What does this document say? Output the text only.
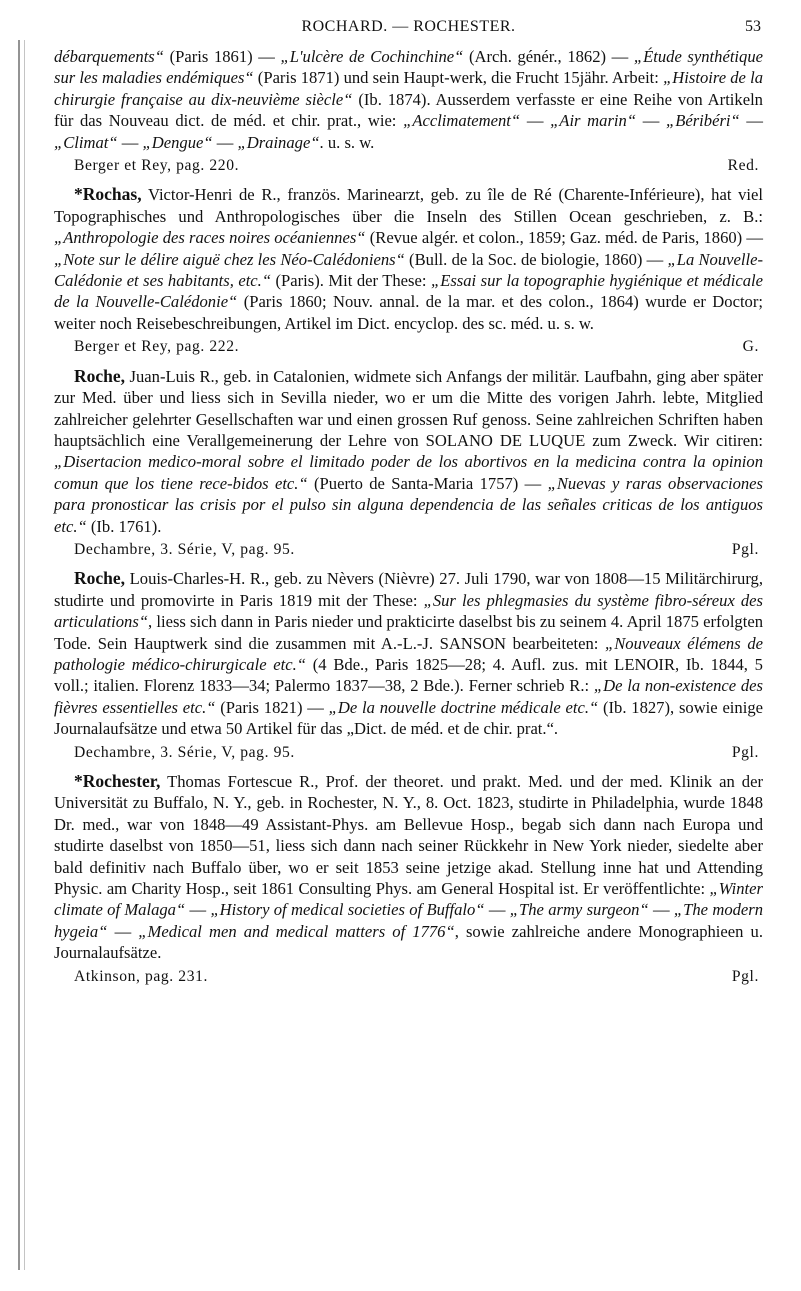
ROCHARD. — ROCHESTER.	53

débarquements“ (Paris 1861) — „L'ulcère de Cochinchine“ (Arch. génér., 1862) — „Étude synthétique sur les maladies endémiques“ (Paris 1871) und sein Haupt-werk, die Frucht 15jähr. Arbeit: „Histoire de la chirurgie française au dix-neuvième siècle“ (Ib. 1874). Ausserdem verfasste er eine Reihe von Artikeln für das Nouveau dict. de méd. et chir. prat., wie: „Acclimatement“ — „Air marin“ — „Béribéri“ — „Climat“ — „Dengue“ — „Drainage“. u. s. w.

Berger et Rey, pag. 220.	Red.

*Rochas, Victor-Henri de R., französ. Marinearzt, geb. zu île de Ré (Charente-Inférieure), hat viel Topographisches und Anthropologisches über die Inseln des Stillen Ocean geschrieben, z. B.: „Anthropologie des races noires océaniennes“ (Revue algér. et colon., 1859; Gaz. méd. de Paris, 1860) — „Note sur le délire aiguë chez les Néo-Calédoniens“ (Bull. de la Soc. de biologie, 1860) — „La Nouvelle-Calédonie et ses habitants, etc.“ (Paris). Mit der These: „Essai sur la topographie hygiénique et médicale de la Nouvelle-Calédonie“ (Paris 1860; Nouv. annal. de la mar. et des colon., 1864) wurde er Doctor; weiter noch Reisebeschreibungen, Artikel im Dict. encyclop. des sc. méd. u. s. w.

Berger et Rey, pag. 222.	G.

Roche, Juan-Luis R., geb. in Catalonien, widmete sich Anfangs der militär. Laufbahn, ging aber später zur Med. über und liess sich in Sevilla nieder, wo er um die Mitte des vorigen Jahrh. lebte, Mitglied zahlreicher gelehrter Gesellschaften war und einen grossen Ruf genoss. Seine zahlreichen Schriften haben hauptsächlich eine Verallgemeinerung der Lehre von SOLANO DE LUQUE zum Zweck. Wir citiren: „Disertacion medico-moral sobre el limitado poder de los abortivos en la medicina contra la opinion comun que los tiene rece-bidos etc.“ (Puerto de Santa-Maria 1757) — „Nuevas y raras observaciones para pronosticar las crisis por el pulso sin alguna dependencia de las señales criticas de los antiguos etc.“ (Ib. 1761).

Dechambre, 3. Série, V, pag. 95.	Pgl.

Roche, Louis-Charles-H. R., geb. zu Nèvers (Nièvre) 27. Juli 1790, war von 1808—15 Militärchirurg, studirte und promovirte in Paris 1819 mit der These: „Sur les phlegmasies du système fibro-séreux des articulations“, liess sich dann in Paris nieder und prakticirte daselbst bis zu seinem 4. April 1875 erfolgten Tode. Sein Hauptwerk sind die zusammen mit A.-L.-J. SANSON bearbeiteten: „Nouveaux élémens de pathologie médico-chirurgicale etc.“ (4 Bde., Paris 1825—28; 4. Aufl. zus. mit LENOIR, Ib. 1844, 5 voll.; italien. Florenz 1833—34; Palermo 1837—38, 2 Bde.). Ferner schrieb R.: „De la non-existence des fièvres essentielles etc.“ (Paris 1821) — „De la nouvelle doctrine médicale etc.“ (Ib. 1827), sowie einige Journalaufsätze und etwa 50 Artikel für das „Dict. de méd. et de chir. prat.“.

Dechambre, 3. Série, V, pag. 95.	Pgl.

*Rochester, Thomas Fortescue R., Prof. der theoret. und prakt. Med. und der med. Klinik an der Universität zu Buffalo, N. Y., geb. in Rochester, N. Y., 8. Oct. 1823, studirte in Philadelphia, wurde 1848 Dr. med., war von 1848—49 Assistant-Phys. am Bellevue Hosp., begab sich dann nach Europa und studirte daselbst von 1850—51, liess sich dann nach seiner Rückkehr in New York nieder, siedelte aber bald definitiv nach Buffalo über, wo er seit 1853 seine jetzige akad. Stellung inne hat und Attending Physic. am Charity Hosp., seit 1861 Consulting Phys. am General Hospital ist. Er veröffentlichte: „Winter climate of Malaga“ — „History of medical societies of Buffalo“ — „The army surgeon“ — „The modern hygeia“ — „Medical men and medical matters of 1776“, sowie zahlreiche andere Monographieen u. Journalaufsätze.

Atkinson, pag. 231.	Pgl.
